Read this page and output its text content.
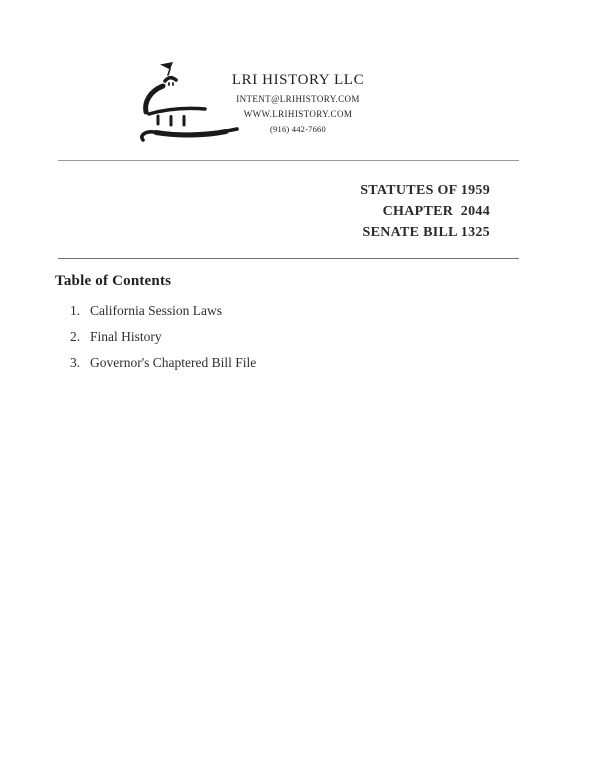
LRI HISTORY LLC
INTENT@LRIHISTORY.COM
WWW.LRIHISTORY.COM
(916) 442-7660
STATUTES OF 1959
CHAPTER  2044
SENATE BILL 1325
Table of Contents
1. California Session Laws
2. Final History
3. Governor's Chaptered Bill File
